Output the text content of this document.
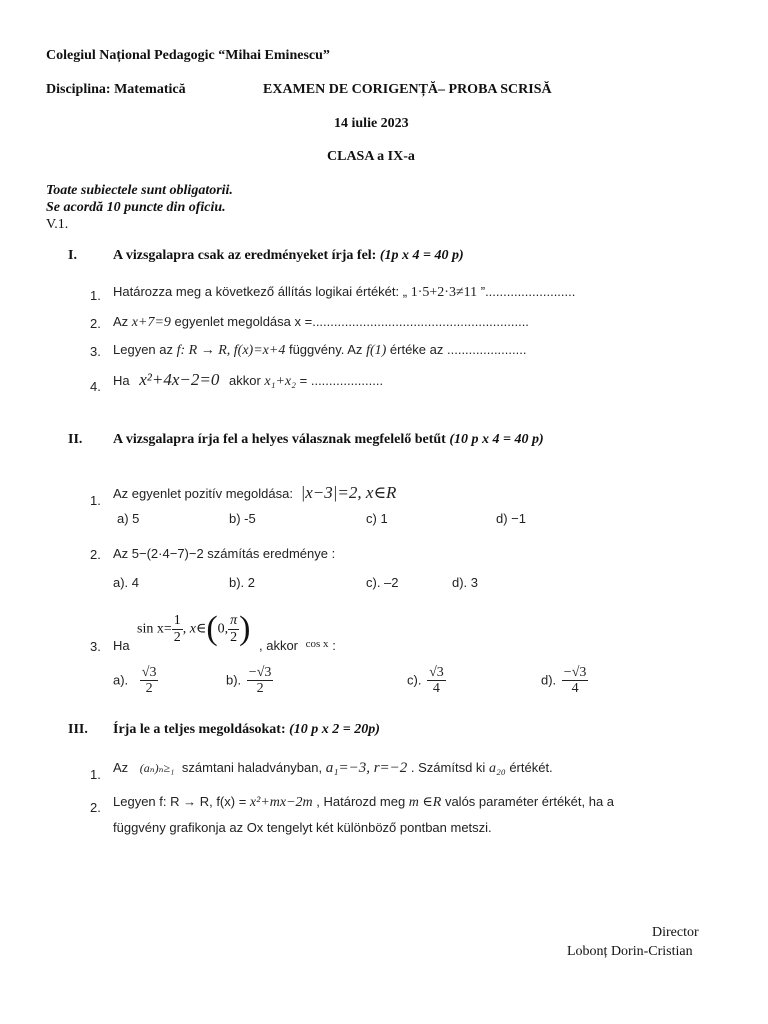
Colegiul Național Pedagogic “Mihai Eminescu”
Disciplina: Matematică	EXAMEN DE CORIGENȚĂ– PROBA SCRISĂ
14 iulie 2023
CLASA a IX-a
Toate subiectele sunt obligatorii.
Se acordă 10 puncte din oficiu.
V.1.
I.	A vizsgalapra csak az eredményeket írja fel: (1p x 4 = 40 p)
1. Határozza meg a következő állítás logikai értékét: „ 1·5+2·3≠11 ”.........................
2. Az x+7=9 egyenlet megoldása x =............................................................
3. Legyen az f: R → R, f(x)=x+4 függvény. Az f(1) értéke az ......................
4. Ha x²+4x−2=0 akkor x₁+x₂ = ....................
II. A vizsgalapra írja fel a helyes válasznak megfelelő betűt (10 p x 4 = 40 p)
1. Az egyenlet pozitív megoldása: |x−3|=2, x∈R
a) 5	b) -5	c) 1	d) −1
2. Az 5−(2·4−7)−2 számítás eredménye :
a). 4	b). 2	c). –2	d). 3
3. Ha
$\sin x= \frac{1}{2}$ , x∈(0, $\frac{\pi}{2}$ ) , akkor $^{cos x}$ :
a). $\frac{√3}{2}$	b). $\frac{-√3}{2}$	c). $\frac{√3}{4}$	d). $\frac{-√3}{4}$
III. Írja le a teljes megoldásokat: (10 p x 2 = 20p)
1. Az (aₙ)ₙ≥₁ számtani haladványban, a₁=−3, r=−2 . Számítsd ki a₂₀ értékét.
2. Legyen f: R → R, f(x) = x²+mx−2m , Határozd meg m ∈R valós paraméter értékét, ha a
függvény grafikonja az Ox tengelyt két különböző pontban metszi.
Director
Lobonț Dorin-Cristian
